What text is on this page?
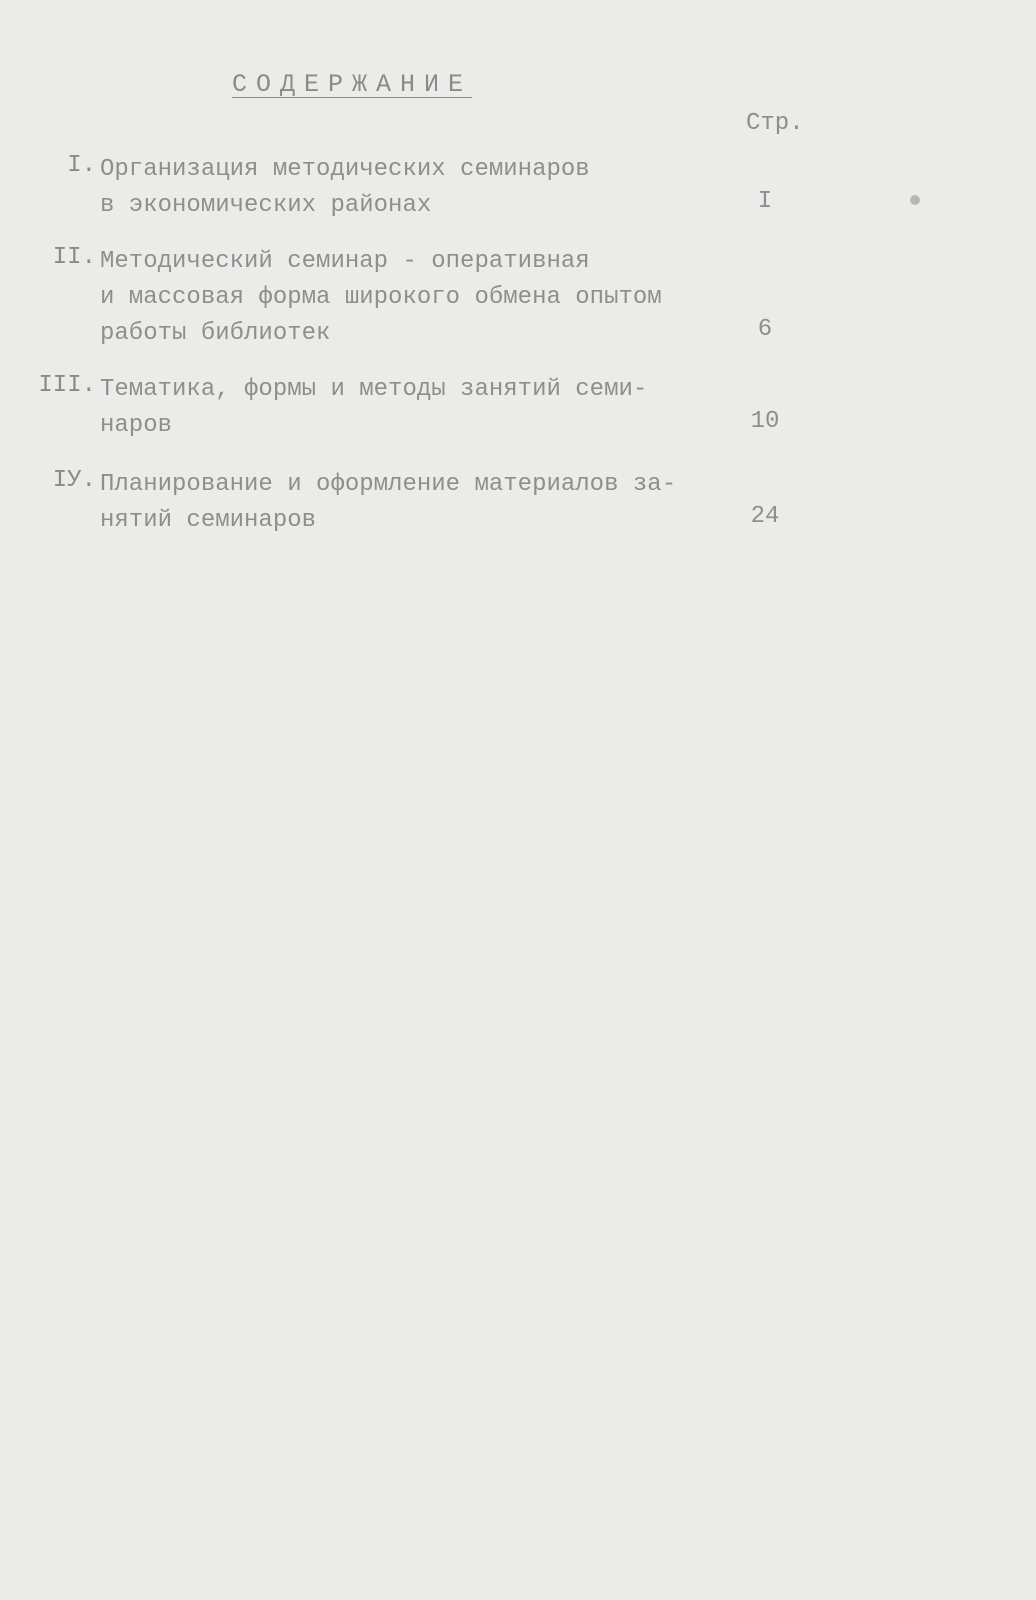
СОДЕРЖАНИЕ
Стр.
I. Организация методических семинаров
в экономических районах	I
II. Методический семинар - оперативная
и массовая форма широкого обмена опытом
работы библиотек	6
III. Тематика, формы и методы занятий семи-
наров	10
IУ. Планирование и оформление материалов за-
нятий семинаров	24
